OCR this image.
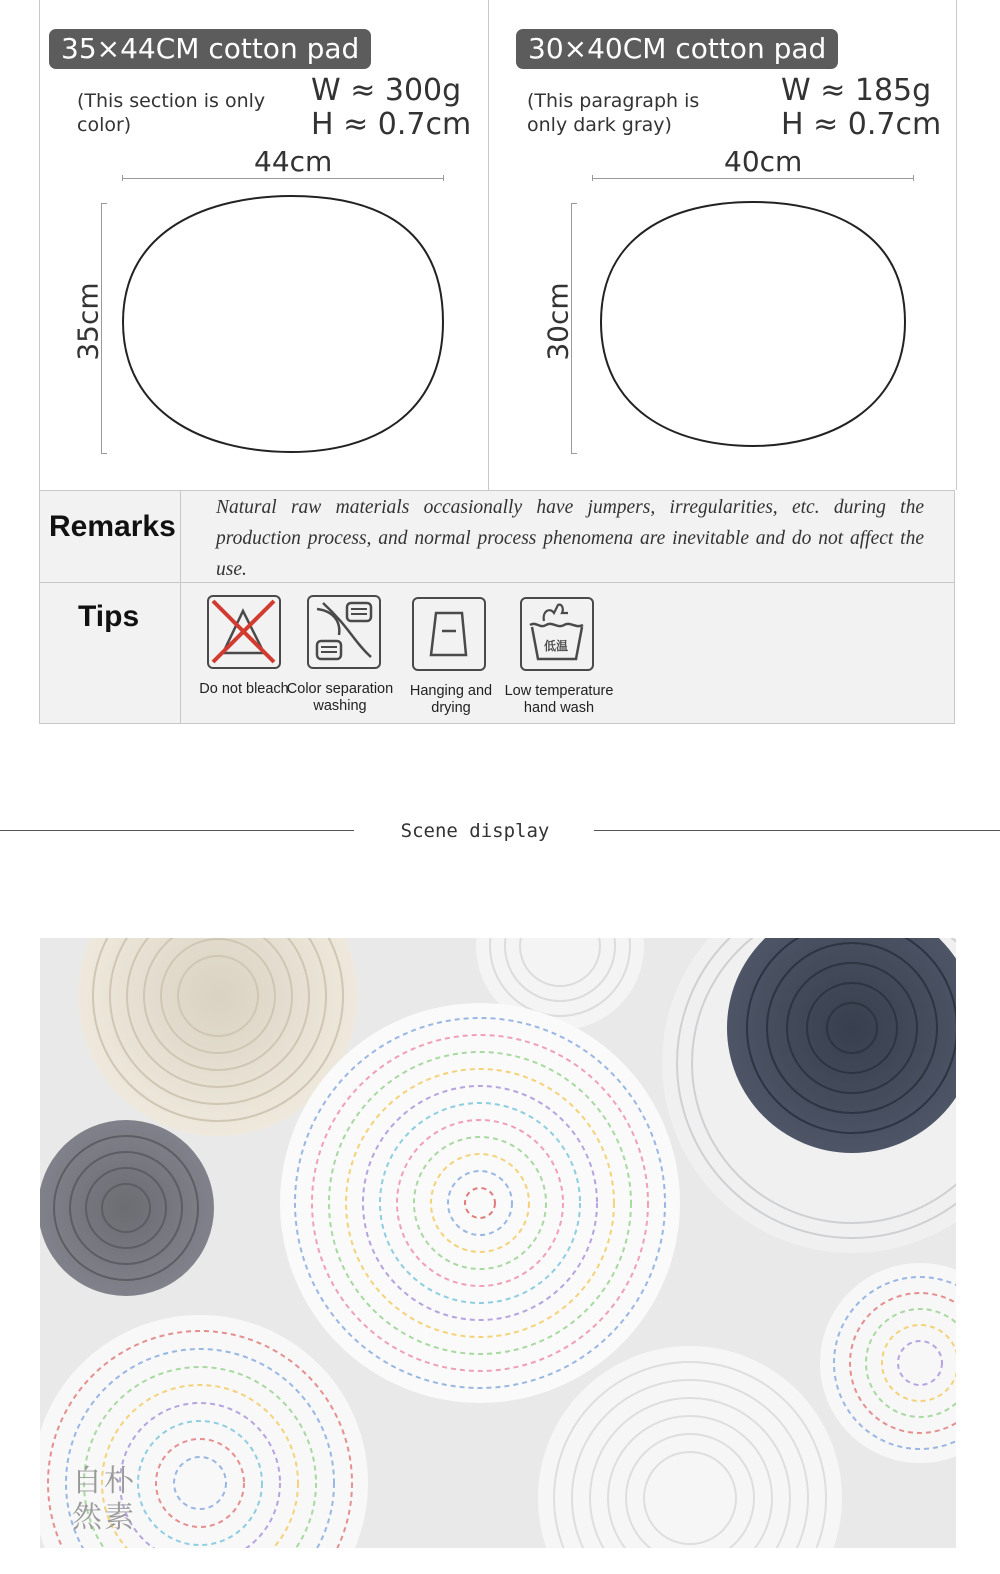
35×44CM cotton pad
(This section is only color)
W ≈ 300g
H ≈ 0.7cm
44cm
35cm
30×40CM cotton pad
(This paragraph is only dark gray)
W ≈ 185g
H ≈ 0.7cm
40cm
30cm
Remarks
Natural raw materials occasionally have jumpers, irregularities, etc. during the production process, and normal process phenomena are inevitable and do not affect the use.
Tips
Do not bleach
Color separation washing
Hanging and drying
低温
Low temperature hand wash
Scene display
自 朴
然 素
